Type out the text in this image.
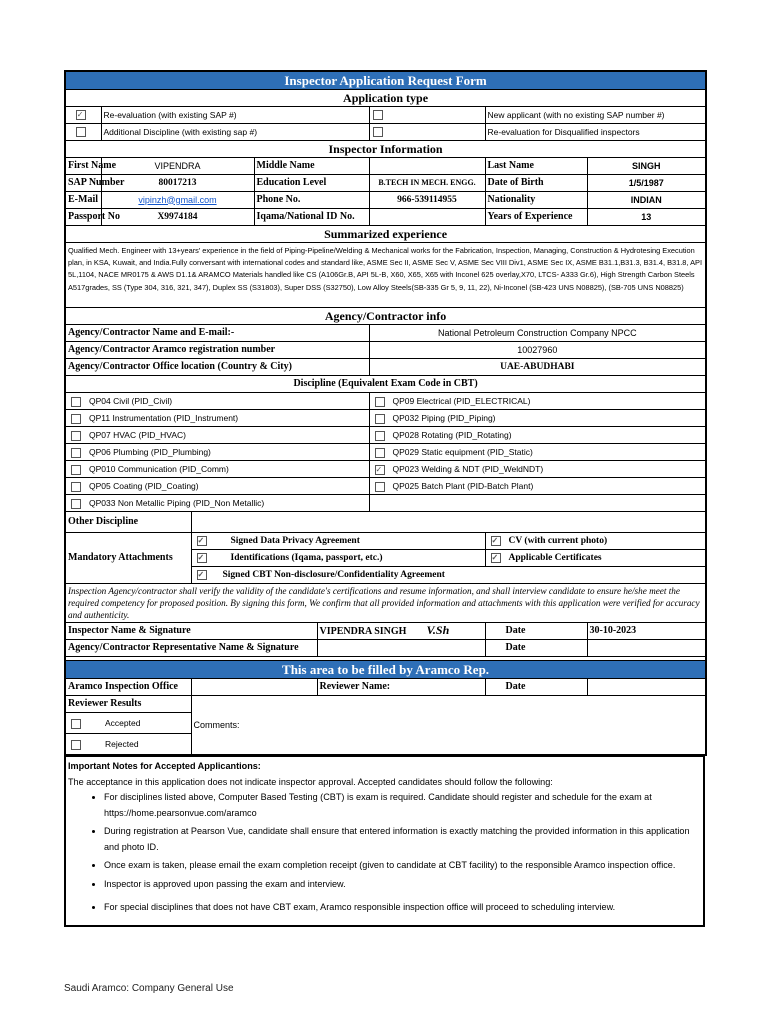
Inspector Application Request Form							
Application type							
✓	Re-evaluation (with existing SAP #)					New applicant (with no existing SAP number #)	
	Additional Discipline (with existing sap #)					Re-evaluation for Disqualified inspectors	
Inspector Information							
First Name	VIPENDRA		Middle Name			Last Name	SINGH
SAP Number	80017213		Education Level		B.TECH IN MECH. ENGG.	Date of Birth	1/5/1987
E-Mail	vipinzh@gmail.com		Phone No.		966-539114955	Nationality	INDIAN
Passport No	X9974184		Iqama/National ID No.			Years of Experience	13
Summarized experience							
Qualified Mech. Engineer with 13+years' experience in the field of Piping-Pipeline/Welding & Mechanical works for the Fabrication, Inspection, Managing, Construction & Hydrotesing Execution plan, in KSA, Kuwait, and India.Fully conversant with international codes and standard like, ASME Sec II, ASME Sec V, ASME Sec VIII Div1, ASME Sec IX, ASME B31.1,B31.3, B31.4, B31.8, API 5L,1104, NACE MR0175 & AWS D1.1& ARAMCO Materials handled like CS (A106Gr.B, API 5L-B, X60, X65, X65 with Inconel 625 overlay,X70, LTCS- A333 Gr.6), High Strength Carbon Steels A517grades, SS (Type 304, 316, 321, 347), Duplex SS (S31803), Super DSS (S32750), Low Alloy Steels(SB-335 Gr 5, 9, 11, 22), Ni-Inconel (SB-423 UNS N08825), (SB-705 UNS N08825)							
Agency/Contractor info							
Agency/Contractor Name and E-mail:-					National Petroleum Construction Company NPCC		
Agency/Contractor Aramco registration number					10027960		
Agency/Contractor Office location (Country & City)					UAE-ABUDHABI		
Discipline (Equivalent Exam Code in CBT)							
QP04 Civil (PID_Civil)					QP09 Electrical (PID_ELECTRICAL)		
QP11 Instrumentation (PID_Instrument)					QP032 Piping (PID_Piping)		
QP07 HVAC (PID_HVAC)					QP028 Rotating (PID_Rotating)		
QP06 Plumbing (PID_Plumbing)					QP029 Static equipment (PID_Static)		
QP010 Communication (PID_Comm)	✓QP023 Welding & NDT (PID_WeldNDT)
QP05 Coating (PID_Coating)					QP025 Batch Plant (PID-Batch Plant)		
QP033 Non Metallic Piping (PID_Non Metallic)							
Other Discipline							
Mandatory Attachments	✓Signed Data Privacy Agreement	✓CV (with current photo)
✓Identifications (Iqama, passport, etc.)	✓Applicable Certificates
✓Signed CBT Non-disclosure/Confidentiality Agreement
Inspection Agency/contractor shall verify the validity of the candidate's certifications and resume information, and shall interview candidate to ensure he/she meet the required competency for proposed position. By signing this form, We confirm that all provided information and attachments with this application were verified for accuracy and authenticity.							
Inspector Name & Signature				VIPENDRA SINGH V.Sh		Date	30-10-2023
Agency/Contractor Representative Name & Signature						Date	

This area to be filled by Aramco Rep.							
Aramco Inspection Office				Reviewer Name:		Date	
Reviewer Results		Comments:					
Accepted							
Rejected							
Important Notes for Accepted Applicantions:
The acceptance in this application does not indicate inspector approval. Accepted candidates should follow the following:
• For disciplines listed above, Computer Based Testing (CBT) is exam is required. Candidate should register and schedule for the exam at https://home.pearsonvue.com/aramco
• During registration at Pearson Vue, candidate shall ensure that entered information is exactly matching the provided information in this application and photo ID.
• Once exam is taken, please email the exam completion receipt (given to candidate at CBT facility) to the responsible Aramco inspection office.
• Inspector is approved upon passing the exam and interview.
• For special disciplines that does not have CBT exam, Aramco responsible inspection office will proceed to scheduling interview.
Saudi Aramco: Company General Use
